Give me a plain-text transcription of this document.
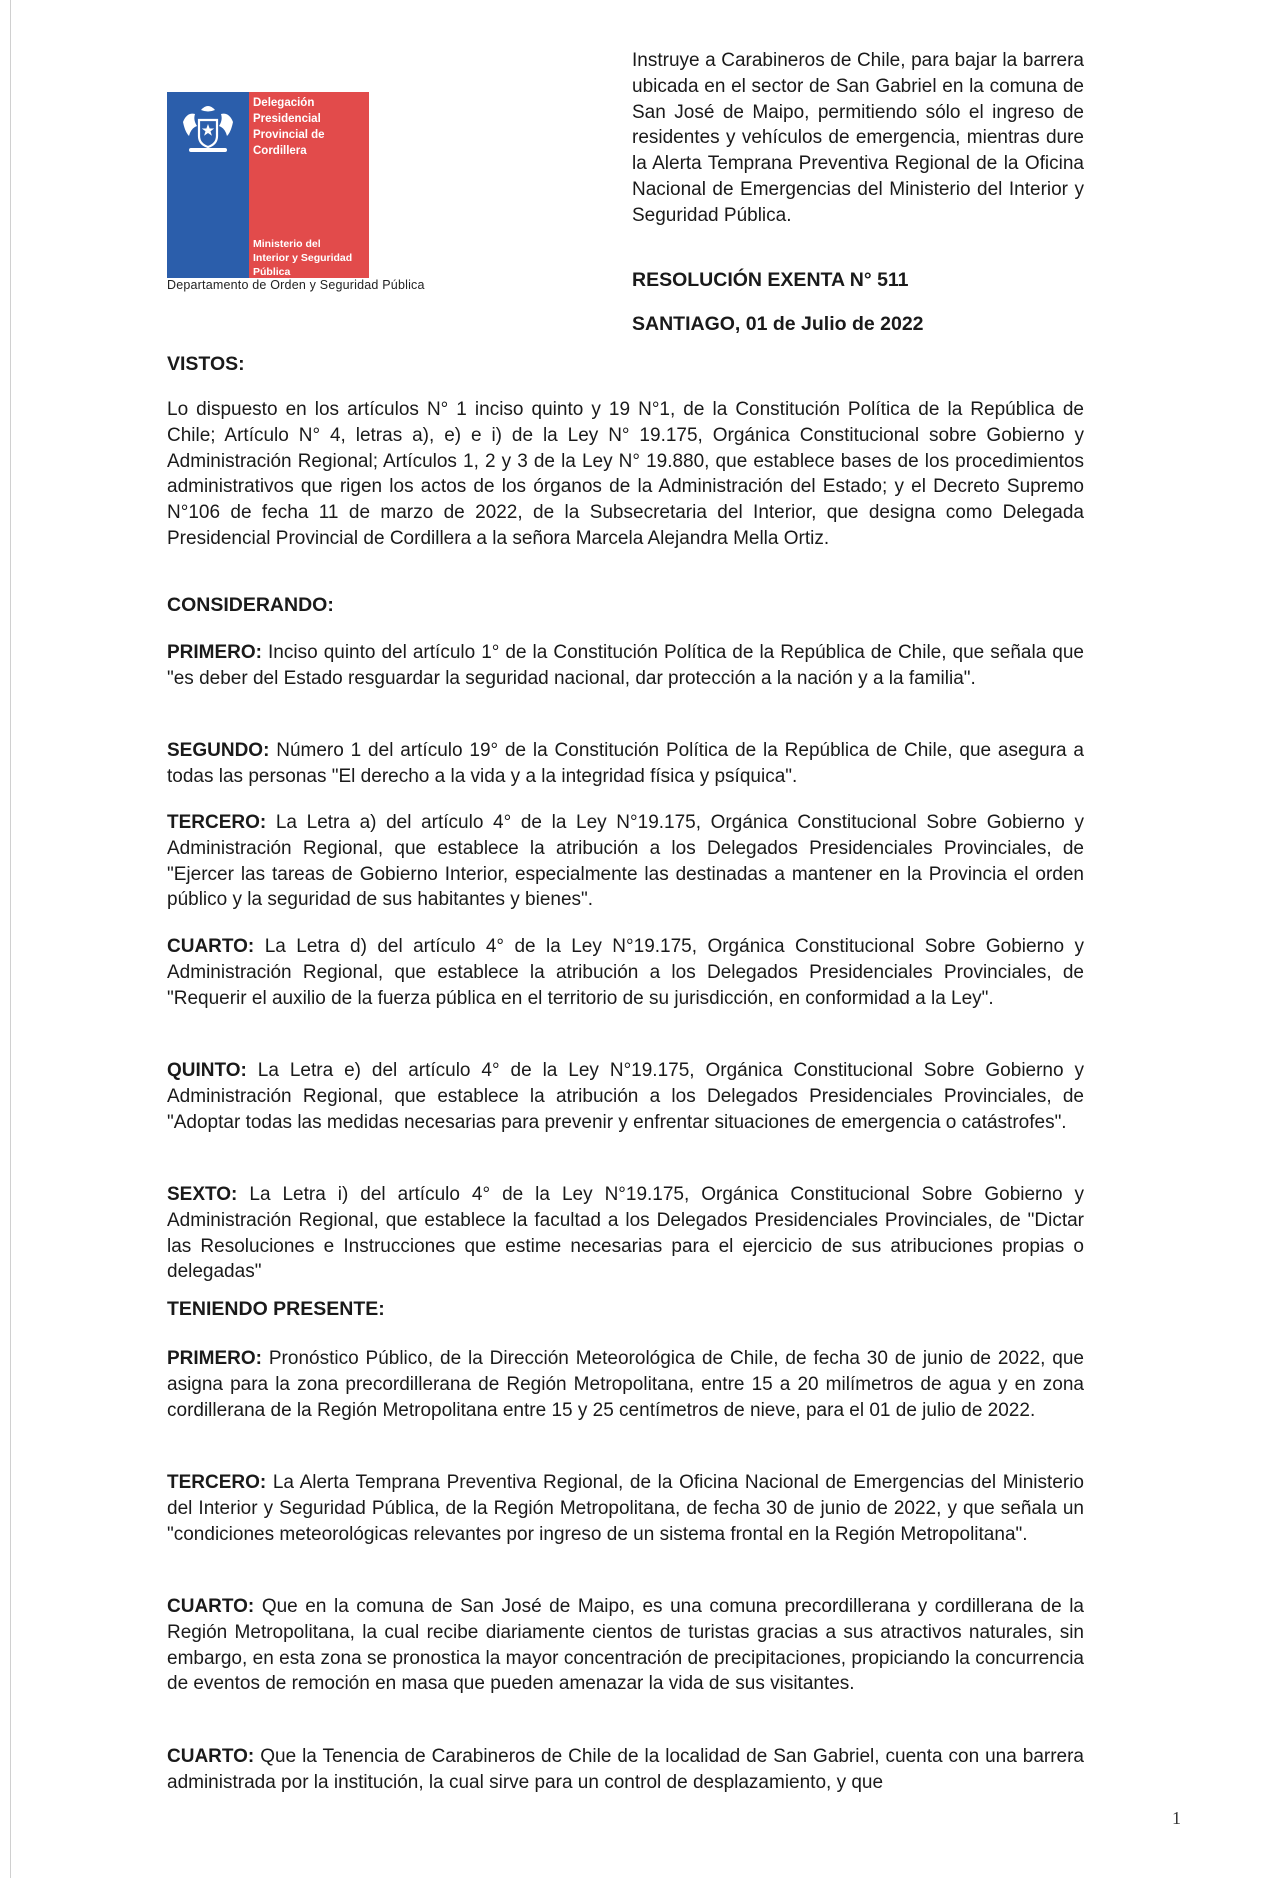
Delegación
Presidencial
Provincial de
Cordillera
Ministerio del
Interior y Seguridad
Pública
Departamento de Orden y Seguridad Pública
Instruye a Carabineros de Chile, para bajar la barrera ubicada en el sector de San Gabriel en la comuna de San José de Maipo, permitiendo sólo el ingreso de residentes y vehículos de emergencia, mientras dure la Alerta Temprana Preventiva Regional de la Oficina Nacional de Emergencias del Ministerio del Interior y Seguridad Pública.
RESOLUCIÓN EXENTA N° 511
SANTIAGO, 01 de Julio de 2022
VISTOS:
Lo dispuesto en los artículos N° 1 inciso quinto y 19 N°1, de la Constitución Política de la República de Chile; Artículo N° 4, letras a), e) e i) de la Ley N° 19.175, Orgánica Constitucional sobre Gobierno y Administración Regional; Artículos 1, 2 y 3 de la Ley N° 19.880, que establece bases de los procedimientos administrativos que rigen los actos de los órganos de la Administración del Estado; y el Decreto Supremo N°106 de fecha 11 de marzo de 2022, de la Subsecretaria del Interior, que designa como Delegada Presidencial Provincial de Cordillera a la señora Marcela Alejandra Mella Ortiz.
CONSIDERANDO:
PRIMERO: Inciso quinto del artículo 1° de la Constitución Política de la República de Chile, que señala que "es deber del Estado resguardar la seguridad nacional, dar protección a la nación y a la familia".
SEGUNDO: Número 1 del artículo 19° de la Constitución Política de la República de Chile, que asegura a todas las personas "El derecho a la vida y a la integridad física y psíquica".
TERCERO: La Letra a) del artículo 4° de la Ley N°19.175, Orgánica Constitucional Sobre Gobierno y Administración Regional, que establece la atribución a los Delegados Presidenciales Provinciales, de "Ejercer las tareas de Gobierno Interior, especialmente las destinadas a mantener en la Provincia el orden público y la seguridad de sus habitantes y bienes".
CUARTO: La Letra d) del artículo 4° de la Ley N°19.175, Orgánica Constitucional Sobre Gobierno y Administración Regional, que establece la atribución a los Delegados Presidenciales Provinciales, de "Requerir el auxilio de la fuerza pública en el territorio de su jurisdicción, en conformidad a la Ley".
QUINTO: La Letra e) del artículo 4° de la Ley N°19.175, Orgánica Constitucional Sobre Gobierno y Administración Regional, que establece la atribución a los Delegados Presidenciales Provinciales, de "Adoptar todas las medidas necesarias para prevenir y enfrentar situaciones de emergencia o catástrofes".
SEXTO: La Letra i) del artículo 4° de la Ley N°19.175, Orgánica Constitucional Sobre Gobierno y Administración Regional, que establece la facultad a los Delegados Presidenciales Provinciales, de "Dictar las Resoluciones e Instrucciones que estime necesarias para el ejercicio de sus atribuciones propias o delegadas"
TENIENDO PRESENTE:
PRIMERO: Pronóstico Público, de la Dirección Meteorológica de Chile, de fecha 30 de junio de 2022, que asigna para la zona precordillerana de Región Metropolitana, entre 15 a 20 milímetros de agua y en zona cordillerana de la Región Metropolitana entre 15 y 25 centímetros de nieve, para el 01 de julio de 2022.
TERCERO: La Alerta Temprana Preventiva Regional, de la Oficina Nacional de Emergencias del Ministerio del Interior y Seguridad Pública, de la Región Metropolitana, de fecha 30 de junio de 2022, y que señala un "condiciones meteorológicas relevantes por ingreso de un sistema frontal en la Región Metropolitana".
CUARTO: Que en la comuna de San José de Maipo, es una comuna precordillerana y cordillerana de la Región Metropolitana, la cual recibe diariamente cientos de turistas gracias a sus atractivos naturales, sin embargo, en esta zona se pronostica la mayor concentración de precipitaciones, propiciando la concurrencia de eventos de remoción en masa que pueden amenazar la vida de sus visitantes.
CUARTO: Que la Tenencia de Carabineros de Chile de la localidad de San Gabriel, cuenta con una barrera administrada por la institución, la cual sirve para un control de desplazamiento, y que
1
